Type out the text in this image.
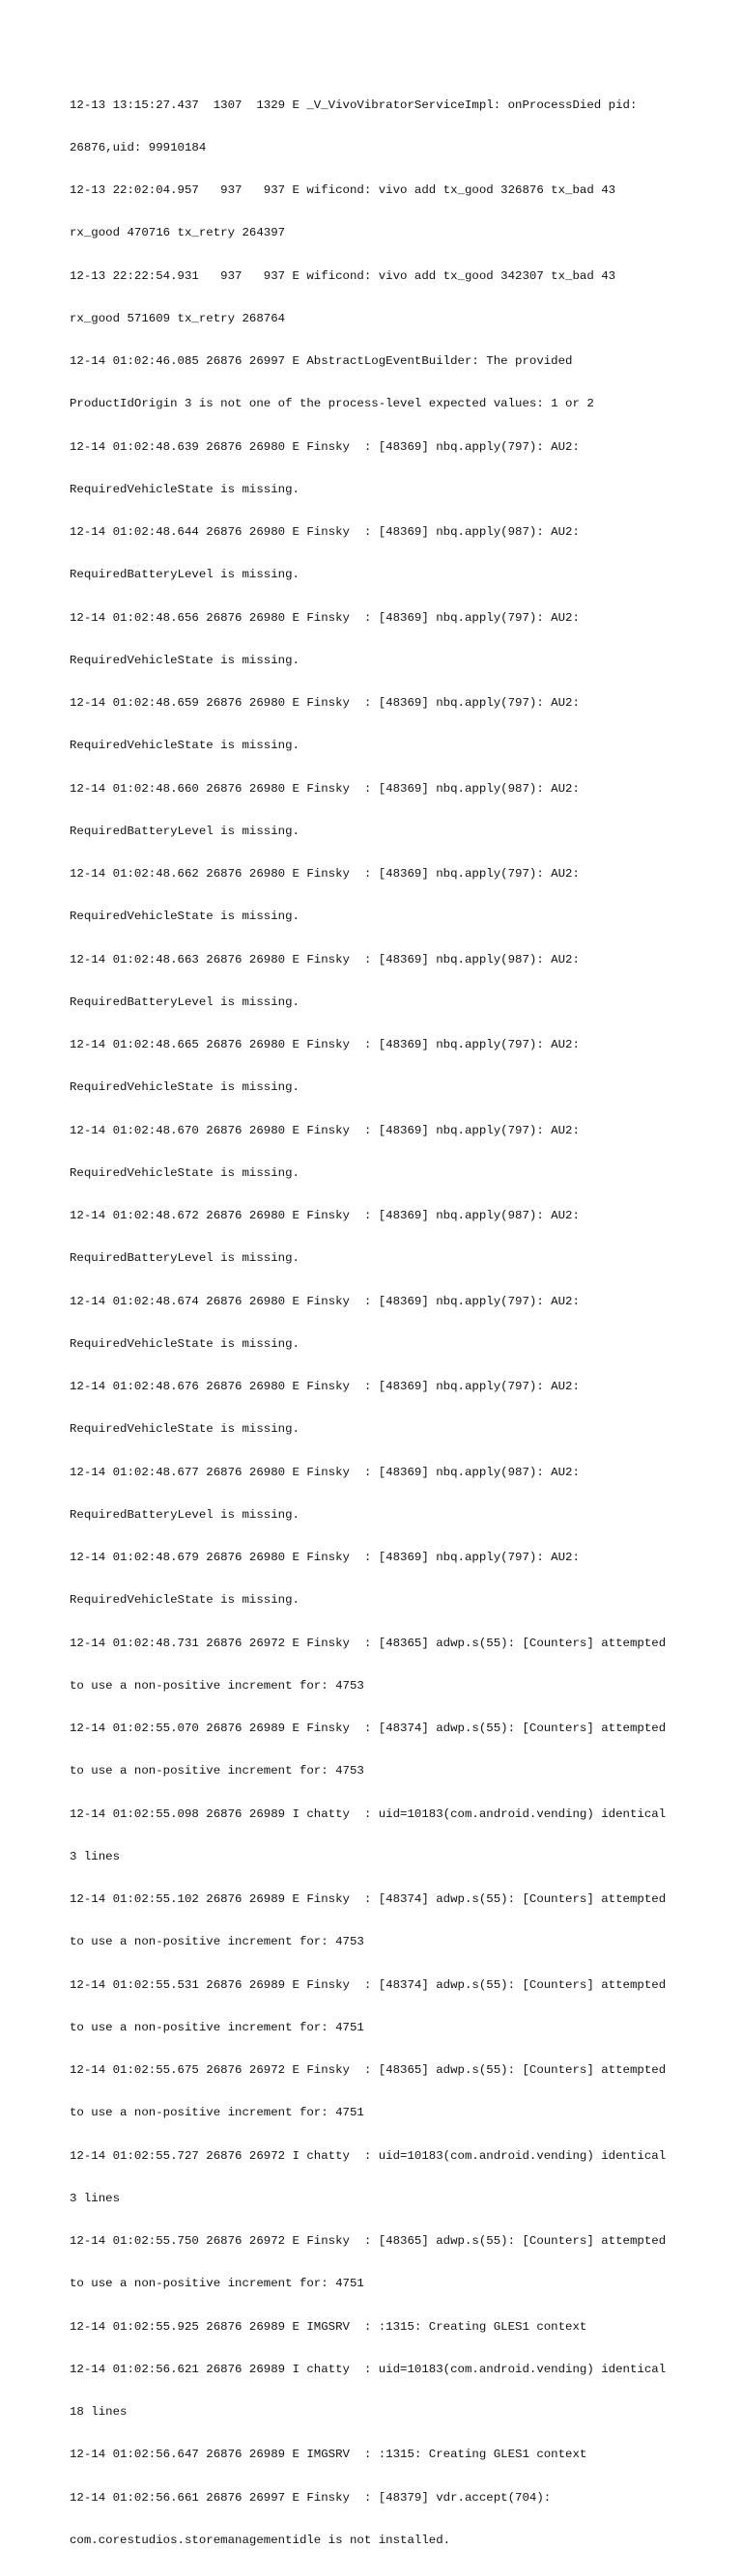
12-13 13:15:27.437  1307  1329 E _V_VivoVibratorServiceImpl: onProcessDied pid:

26876,uid: 99910184

12-13 22:02:04.957   937   937 E wificond: vivo add tx_good 326876 tx_bad 43

rx_good 470716 tx_retry 264397

12-13 22:22:54.931   937   937 E wificond: vivo add tx_good 342307 tx_bad 43

rx_good 571609 tx_retry 268764

12-14 01:02:46.085 26876 26997 E AbstractLogEventBuilder: The provided

ProductIdOrigin 3 is not one of the process-level expected values: 1 or 2

12-14 01:02:48.639 26876 26980 E Finsky  : [48369] nbq.apply(797): AU2:

RequiredVehicleState is missing.

12-14 01:02:48.644 26876 26980 E Finsky  : [48369] nbq.apply(987): AU2:

RequiredBatteryLevel is missing.

12-14 01:02:48.656 26876 26980 E Finsky  : [48369] nbq.apply(797): AU2:

RequiredVehicleState is missing.

12-14 01:02:48.659 26876 26980 E Finsky  : [48369] nbq.apply(797): AU2:

RequiredVehicleState is missing.

12-14 01:02:48.660 26876 26980 E Finsky  : [48369] nbq.apply(987): AU2:

RequiredBatteryLevel is missing.

12-14 01:02:48.662 26876 26980 E Finsky  : [48369] nbq.apply(797): AU2:

RequiredVehicleState is missing.

12-14 01:02:48.663 26876 26980 E Finsky  : [48369] nbq.apply(987): AU2:

RequiredBatteryLevel is missing.

12-14 01:02:48.665 26876 26980 E Finsky  : [48369] nbq.apply(797): AU2:

RequiredVehicleState is missing.

12-14 01:02:48.670 26876 26980 E Finsky  : [48369] nbq.apply(797): AU2:

RequiredVehicleState is missing.

12-14 01:02:48.672 26876 26980 E Finsky  : [48369] nbq.apply(987): AU2:

RequiredBatteryLevel is missing.

12-14 01:02:48.674 26876 26980 E Finsky  : [48369] nbq.apply(797): AU2:

RequiredVehicleState is missing.

12-14 01:02:48.676 26876 26980 E Finsky  : [48369] nbq.apply(797): AU2:

RequiredVehicleState is missing.

12-14 01:02:48.677 26876 26980 E Finsky  : [48369] nbq.apply(987): AU2:

RequiredBatteryLevel is missing.

12-14 01:02:48.679 26876 26980 E Finsky  : [48369] nbq.apply(797): AU2:

RequiredVehicleState is missing.

12-14 01:02:48.731 26876 26972 E Finsky  : [48365] adwp.s(55): [Counters] attempted

to use a non-positive increment for: 4753

12-14 01:02:55.070 26876 26989 E Finsky  : [48374] adwp.s(55): [Counters] attempted

to use a non-positive increment for: 4753

12-14 01:02:55.098 26876 26989 I chatty  : uid=10183(com.android.vending) identical

3 lines

12-14 01:02:55.102 26876 26989 E Finsky  : [48374] adwp.s(55): [Counters] attempted

to use a non-positive increment for: 4753

12-14 01:02:55.531 26876 26989 E Finsky  : [48374] adwp.s(55): [Counters] attempted

to use a non-positive increment for: 4751

12-14 01:02:55.675 26876 26972 E Finsky  : [48365] adwp.s(55): [Counters] attempted

to use a non-positive increment for: 4751

12-14 01:02:55.727 26876 26972 I chatty  : uid=10183(com.android.vending) identical

3 lines

12-14 01:02:55.750 26876 26972 E Finsky  : [48365] adwp.s(55): [Counters] attempted

to use a non-positive increment for: 4751

12-14 01:02:55.925 26876 26989 E IMGSRV  : :1315: Creating GLES1 context

12-14 01:02:56.621 26876 26989 I chatty  : uid=10183(com.android.vending) identical

18 lines

12-14 01:02:56.647 26876 26989 E IMGSRV  : :1315: Creating GLES1 context

12-14 01:02:56.661 26876 26997 E Finsky  : [48379] vdr.accept(704):

com.corestudios.storemanagementidle is not installed.
